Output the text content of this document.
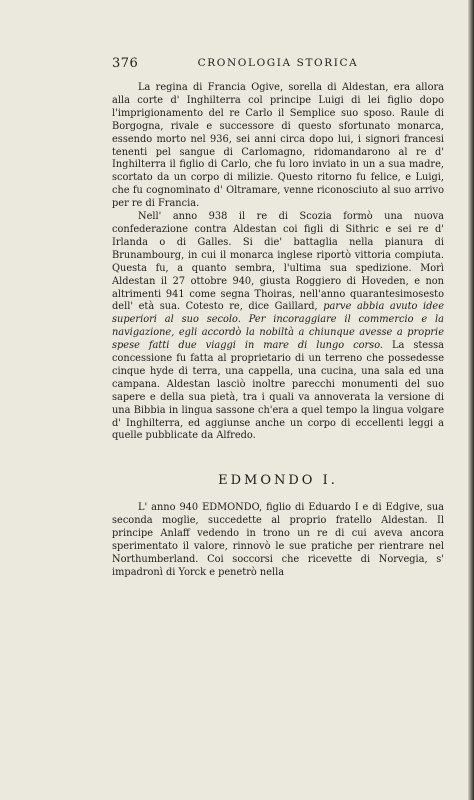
376	CRONOLOGIA STORICA

La regina di Francia Ogive, sorella di Aldestan, era allora alla corte d' Inghilterra col principe Luigi di lei figlio dopo l'imprigionamento del re Carlo il Semplice suo sposo. Raule di Borgogna, rivale e successore di questo sfortunato monarca, essendo morto nel 936, sei anni circa dopo lui, i signori francesi tenenti pel sangue di Carlomagno, ridomandarono al re d' Inghilterra il figlio di Carlo, che fu loro inviato in un a sua madre, scortato da un corpo di milizie. Questo ritorno fu felice, e Luigi, che fu cognominato d' Oltramare, venne riconosciuto al suo arrivo per re di Francia.

Nell' anno 938 il re di Scozia formò una nuova confederazione contra Aldestan coi figli di Sithric e sei re d' Irlanda o di Galles. Si die' battaglia nella pianura di Brunambourg, in cui il monarca inglese riportò vittoria compiuta. Questa fu, a quanto sembra, l'ultima sua spedizione. Morì Aldestan il 27 ottobre 940, giusta Roggiero di Hoveden, e non altrimenti 941 come segna Thoiras, nell'anno quarantesimosesto dell' età sua. Cotesto re, dice Gaillard, parve abbia avuto idee superiori al suo secolo. Per incoraggiare il commercio e la navigazione, egli accordò la nobiltà a chiunque avesse a proprie spese fatti due viaggi in mare di lungo corso. La stessa concessione fu fatta al proprietario di un terreno che possedesse cinque hyde di terra, una cappella, una cucina, una sala ed una campana. Aldestan lasciò inoltre parecchi monumenti del suo sapere e della sua pietà, tra i quali va annoverata la versione di una Bibbia in lingua sassone ch'era a quel tempo la lingua volgare d' Inghilterra, ed aggiunse anche un corpo di eccellenti leggi a quelle pubblicate da Alfredo.

EDMONDO I.

L' anno 940 EDMONDO, figlio di Eduardo I e di Edgive, sua seconda moglie, succedette al proprio fratello Aldestan. Il principe Anlaff vedendo in trono un re di cui aveva ancora sperimentato il valore, rinnovò le sue pratiche per rientrare nel Northumberland. Coi soccorsi che ricevette di Norvegia, s' impadronì di Yorck e penetrò nella
